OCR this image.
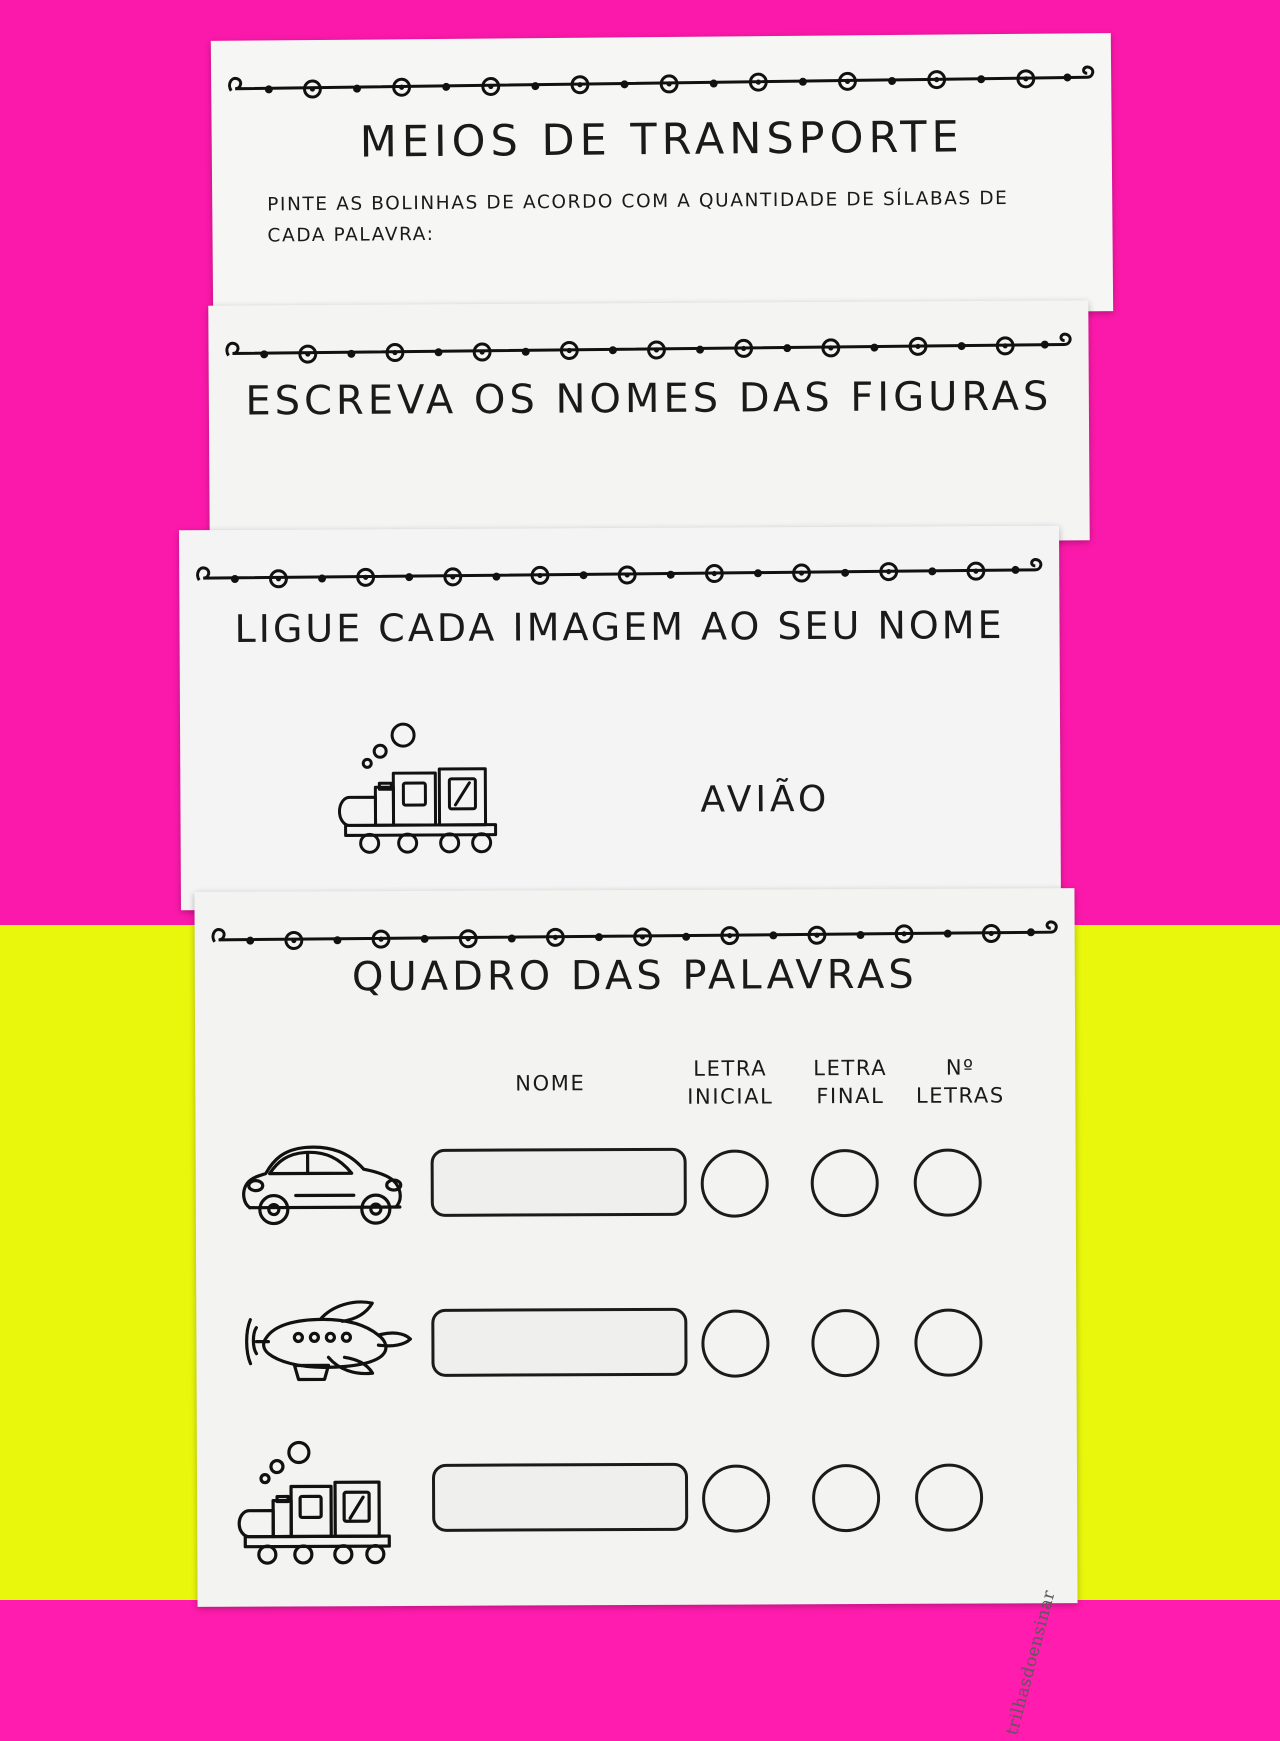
MEIOS DE TRANSPORTE
PINTE AS BOLINHAS DE ACORDO COM A QUANTIDADE DE SÍLABAS DE CADA PALAVRA:
ESCREVA OS NOMES DAS FIGURAS
LIGUE CADA IMAGEM AO SEU NOME
AVIÃO
QUADRO DAS PALAVRAS
NOME
LETRA
INICIAL
LETRA
FINAL
Nº
LETRAS
trilhasdoensinar
